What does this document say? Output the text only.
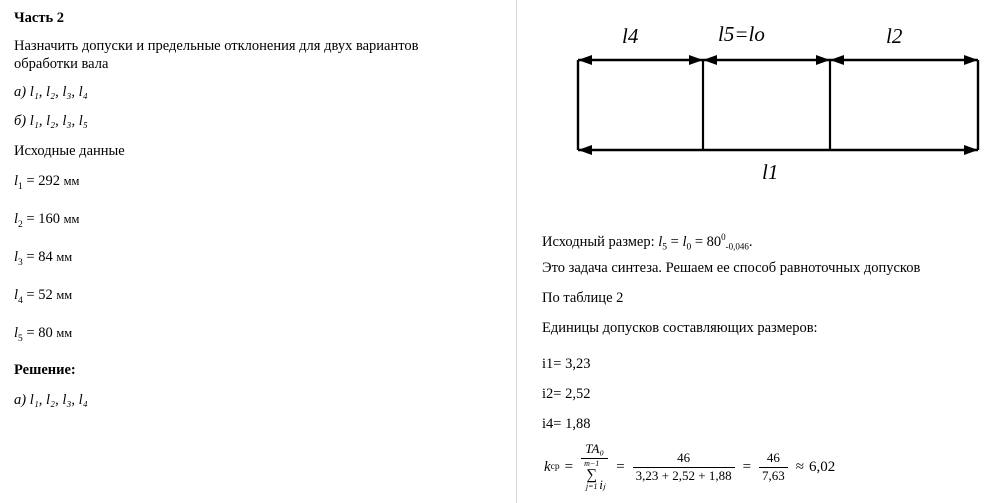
Часть 2
Назначить допуски и предельные отклонения для двух вариантов обработки вала
а) l₁, l₂, l₃, l₄
б) l₁, l₂, l₃, l₅
Исходные данные
$l_1 = 292$ мм
$l_2 = 160$ мм
$l_3 = 84$ мм
$l_4 = 52$ мм
$l_5 = 80$ мм
Решение:
а) l₁, l₂, l₃, l₄
l4	l5=lo	l2
l1
Исходный размер: $l_5 = l_0 = 80^0_{-0,046}$.
Это задача синтеза. Решаем ее способ равноточных допусков
По таблице 2
Единицы допусков составляющих размеров:
i1= 3,23
i2= 2,52
i4= 1,88
k ср = TA₀
m−1
∑
j=1 iⱼ = $\frac{46}{3,23 + 2,52 + 1,88} = \frac{46}{7,63} \approx 6,02$
